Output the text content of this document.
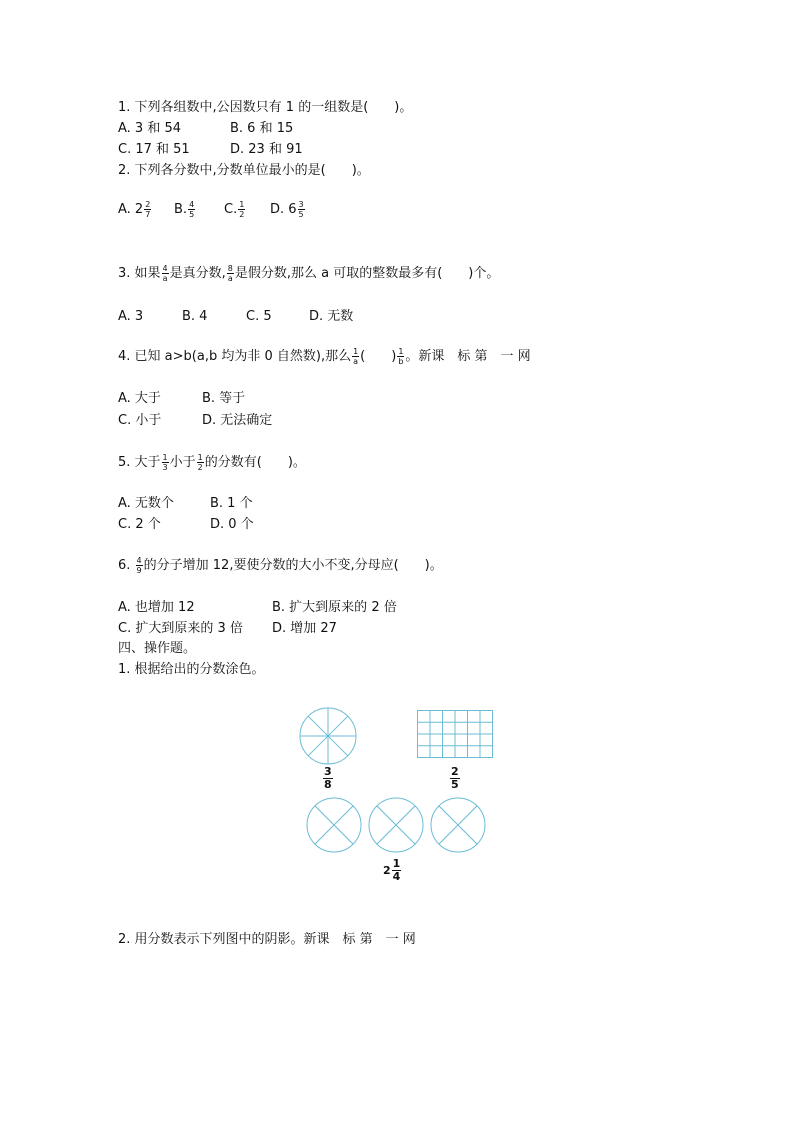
1. 下列各组数中,公因数只有 1 的一组数是(　　)。
A. 3 和 54	B. 6 和 15
C. 17 和 51	D. 23 和 91
2. 下列各分数中,分数单位最小的是(　　)。
A. $2 \frac{2}{7} B$. $\frac{4}{5} C$. $\frac{1}{2} D$. $6 \frac{3}{5}$
3. 如果 $\frac{4}{a}$ 是真分数, $\frac{8}{a}$ 是假分数,那么 a 可取的整数最多有(　　)个。
A. 3	B. 4	C. 5	D. 无数
4. 已知 a>b(a,b 均为非 0 自然数),那么 $\frac{1}{a}$ (　　) $\frac{1}{b}$ 。新课　标 第　一 网
A. 大于	B. 等于
C. 小于	D. 无法确定
5. 大于 $\frac{1}{3}$ 小于 $\frac{1}{2}$ 的分数有(　　)。
A. 无数个	B. 1 个
C. 2 个	D. 0 个
6. $\frac{4}{9}$ 的分子增加 12,要使分数的大小不变,分母应(　　)。
A. 也增加 12	B. 扩大到原来的 2 倍
C. 扩大到原来的 3 倍 D. 增加 27
四、操作题。
1. 根据给出的分数涂色。
$\frac{3}{8}$	$\frac{2}{5}$
$2 \frac{1}{4}$
2. 用分数表示下列图中的阴影。新课　标 第　一 网
